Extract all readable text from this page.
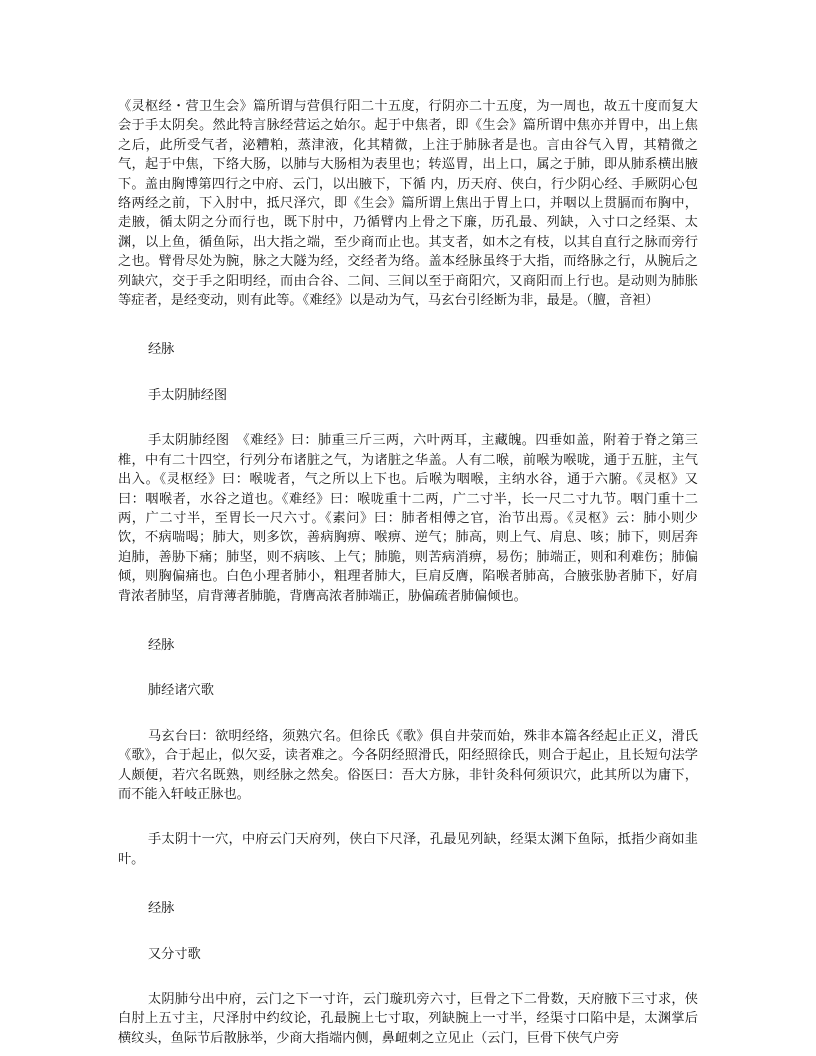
《灵枢经・营卫生会》篇所谓与营俱行阳二十五度，行阴亦二十五度，为一周也，故五十度而复大会于手太阴矣。然此特言脉经营运之始尔。起于中焦者，即《生会》篇所谓中焦亦并胃中，出上焦之后，此所受气者，泌糟粕，蒸津液，化其精微，上注于肺脉者是也。言由谷气入胃，其精微之气，起于中焦，下络大肠，以肺与大肠相为表里也；转巡胃，出上口，属之于肺，即从肺系横出腋下。盖由胸博第四行之中府、云门，以出腋下，下循 内，历天府、侠白，行少阴心经、手厥阴心包络两经之前，下入肘中，抵尺泽穴，即《生会》篇所谓上焦出于胃上口，并咽以上贯膈而布胸中，走腋，循太阴之分而行也，既下肘中，乃循臂内上骨之下廉，历孔最、列缺，入寸口之经渠、太渊，以上鱼，循鱼际，出大指之端，至少商而止也。其支者，如木之有枝，以其自直行之脉而旁行之也。臂骨尽处为腕，脉之大隧为经，交经者为络。盖本经脉虽终于大指，而络脉之行，从腕后之列缺穴，交于手之阳明经，而由合谷、二间、三间以至于商阳穴，又商阳而上行也。是动则为肺胀等症者，是经变动，则有此等。《难经》以是动为气，马玄台引经断为非，最是。（膻，音袒）

经脉

手太阴肺经图

手太阴肺经图　《难经》曰：肺重三斤三两，六叶两耳，主藏魄。四垂如盖，附着于脊之第三椎，中有二十四空，行列分布诸脏之气，为诸脏之华盖。人有二喉，前喉为喉咙，通于五脏，主气出入。《灵枢经》曰：喉咙者，气之所以上下也。后喉为咽喉，主纳水谷，通于六腑。《灵枢》又曰：咽喉者，水谷之道也。《难经》曰：喉咙重十二两，广二寸半，长一尺二寸九节。咽门重十二两，广二寸半，至胃长一尺六寸。《素问》曰：肺者相傅之官，治节出焉。《灵枢》云：肺小则少饮，不病喘喝；肺大，则多饮，善病胸痹、喉痹、逆气；肺高，则上气、肩息、咳；肺下，则居奔迫肺，善胁下痛；肺坚，则不病咳、上气；肺脆，则苦病消痹，易伤；肺端正，则和利难伤；肺偏倾，则胸偏痛也。白色小理者肺小，粗理者肺大，巨肩反膺，陷喉者肺高，合腋张胁者肺下，好肩背浓者肺坚，肩背薄者肺脆，背膺高浓者肺端正，胁偏疏者肺偏倾也。

经脉

肺经诸穴歌

马玄台曰：欲明经络，须熟穴名。但徐氏《歌》俱自井荥而始，殊非本篇各经起止正义，滑氏《歌》，合于起止，似欠妥，读者难之。今各阴经照滑氏，阳经照徐氏，则合于起止，且长短句法学人颇便，若穴名既熟，则经脉之然矣。俗医曰：吾大方脉，非针灸科何须识穴，此其所以为庸下，而不能入轩岐正脉也。

手太阴十一穴，中府云门天府列，侠白下尺泽，孔最见列缺，经渠太渊下鱼际，抵指少商如韭叶。

经脉

又分寸歌

太阴肺兮出中府，云门之下一寸许，云门璇玑旁六寸，巨骨之下二骨数，天府腋下三寸求，侠白肘上五寸主，尺泽肘中约纹论，孔最腕上七寸取，列缺腕上一寸半，经渠寸口陷中是，太渊掌后横纹头，鱼际节后散脉举，少商大指端内侧，鼻衄刺之立见止（云门，巨骨下侠气户旁
